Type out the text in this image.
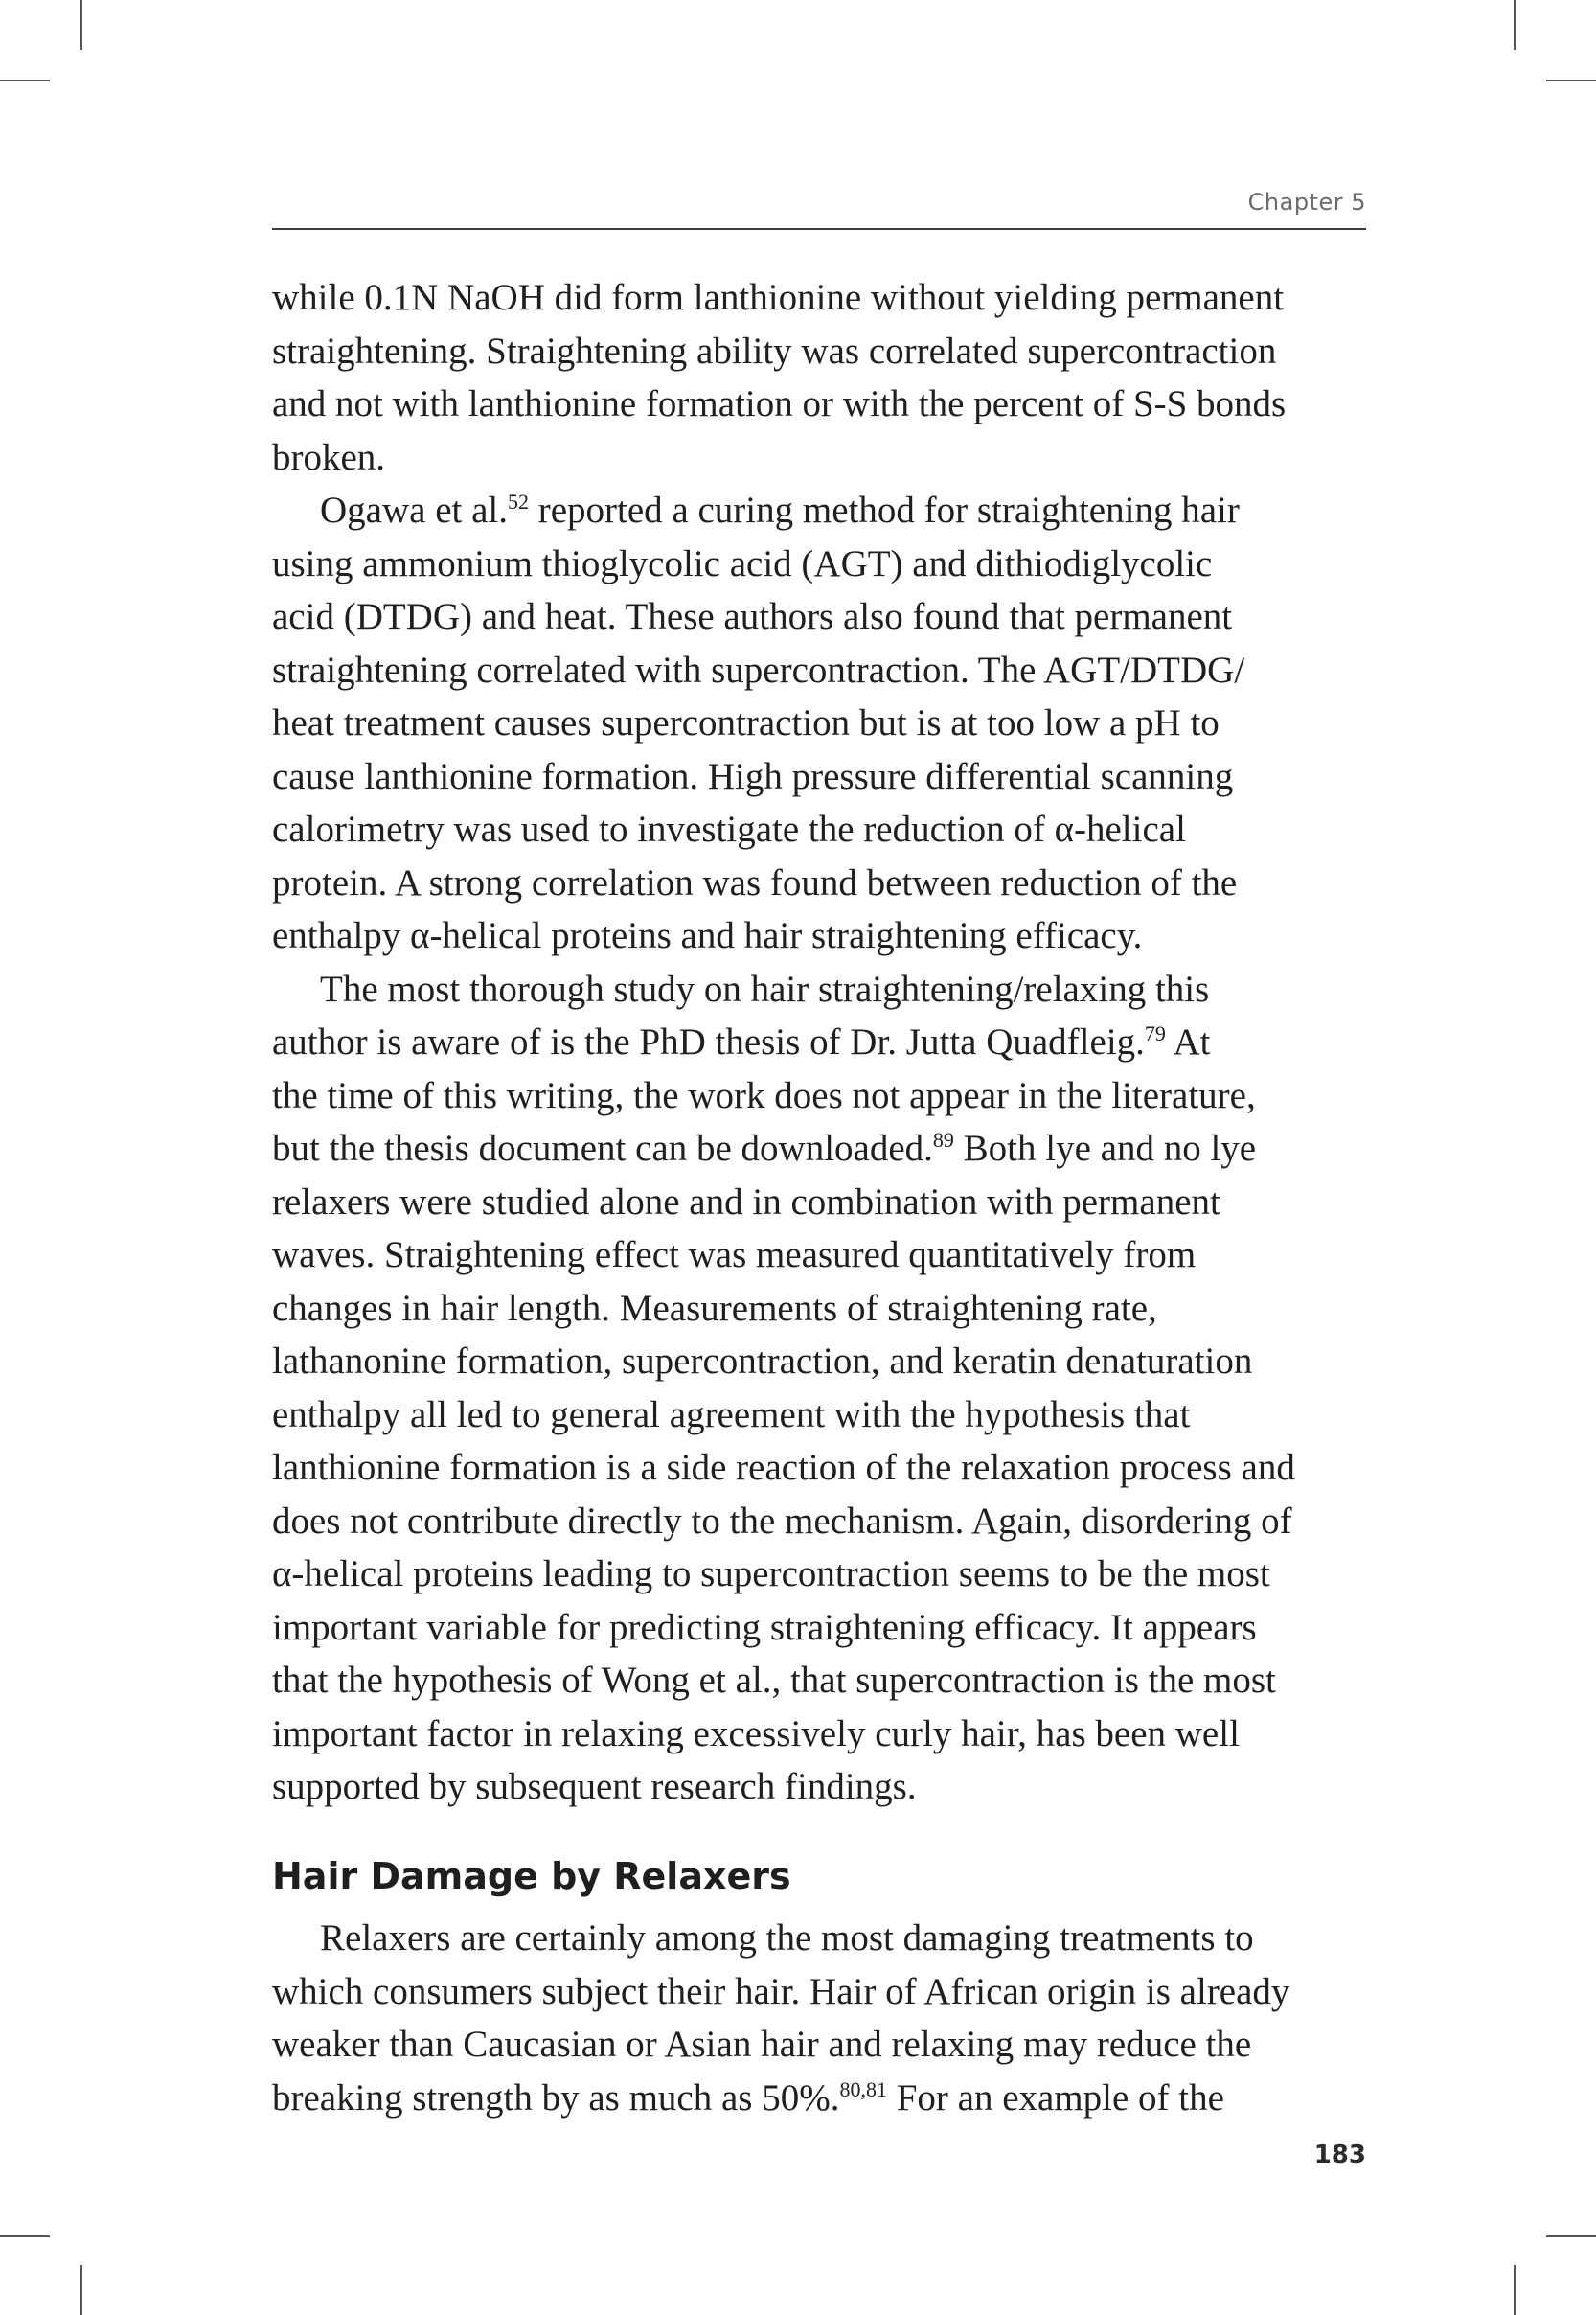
Chapter 5
while 0.1N NaOH did form lanthionine without yielding permanent
straightening. Straightening ability was correlated supercontraction
and not with lanthionine formation or with the percent of S-S bonds
broken.
Ogawa et al.$^{52}$ reported a curing method for straightening hair
using ammonium thioglycolic acid (AGT) and dithiodiglycolic
acid (DTDG) and heat. These authors also found that permanent
straightening correlated with supercontraction. The AGT/DTDG/
heat treatment causes supercontraction but is at too low a pH to
cause lanthionine formation. High pressure differential scanning
calorimetry was used to investigate the reduction of α-helical
protein. A strong correlation was found between reduction of the
enthalpy α-helical proteins and hair straightening efficacy.
The most thorough study on hair straightening/relaxing this
author is aware of is the PhD thesis of Dr. Jutta Quadfleig.$^{79}$ At
the time of this writing, the work does not appear in the literature,
but the thesis document can be downloaded.$^{89}$ Both lye and no lye
relaxers were studied alone and in combination with permanent
waves. Straightening effect was measured quantitatively from
changes in hair length. Measurements of straightening rate,
lathanonine formation, supercontraction, and keratin denaturation
enthalpy all led to general agreement with the hypothesis that
lanthionine formation is a side reaction of the relaxation process and
does not contribute directly to the mechanism. Again, disordering of
α-helical proteins leading to supercontraction seems to be the most
important variable for predicting straightening efficacy. It appears
that the hypothesis of Wong et al., that supercontraction is the most
important factor in relaxing excessively curly hair, has been well
supported by subsequent research findings.
Hair Damage by Relaxers
Relaxers are certainly among the most damaging treatments to
which consumers subject their hair. Hair of African origin is already
weaker than Caucasian or Asian hair and relaxing may reduce the
breaking strength by as much as 50%.$^{80,81}$ For an example of the
183
